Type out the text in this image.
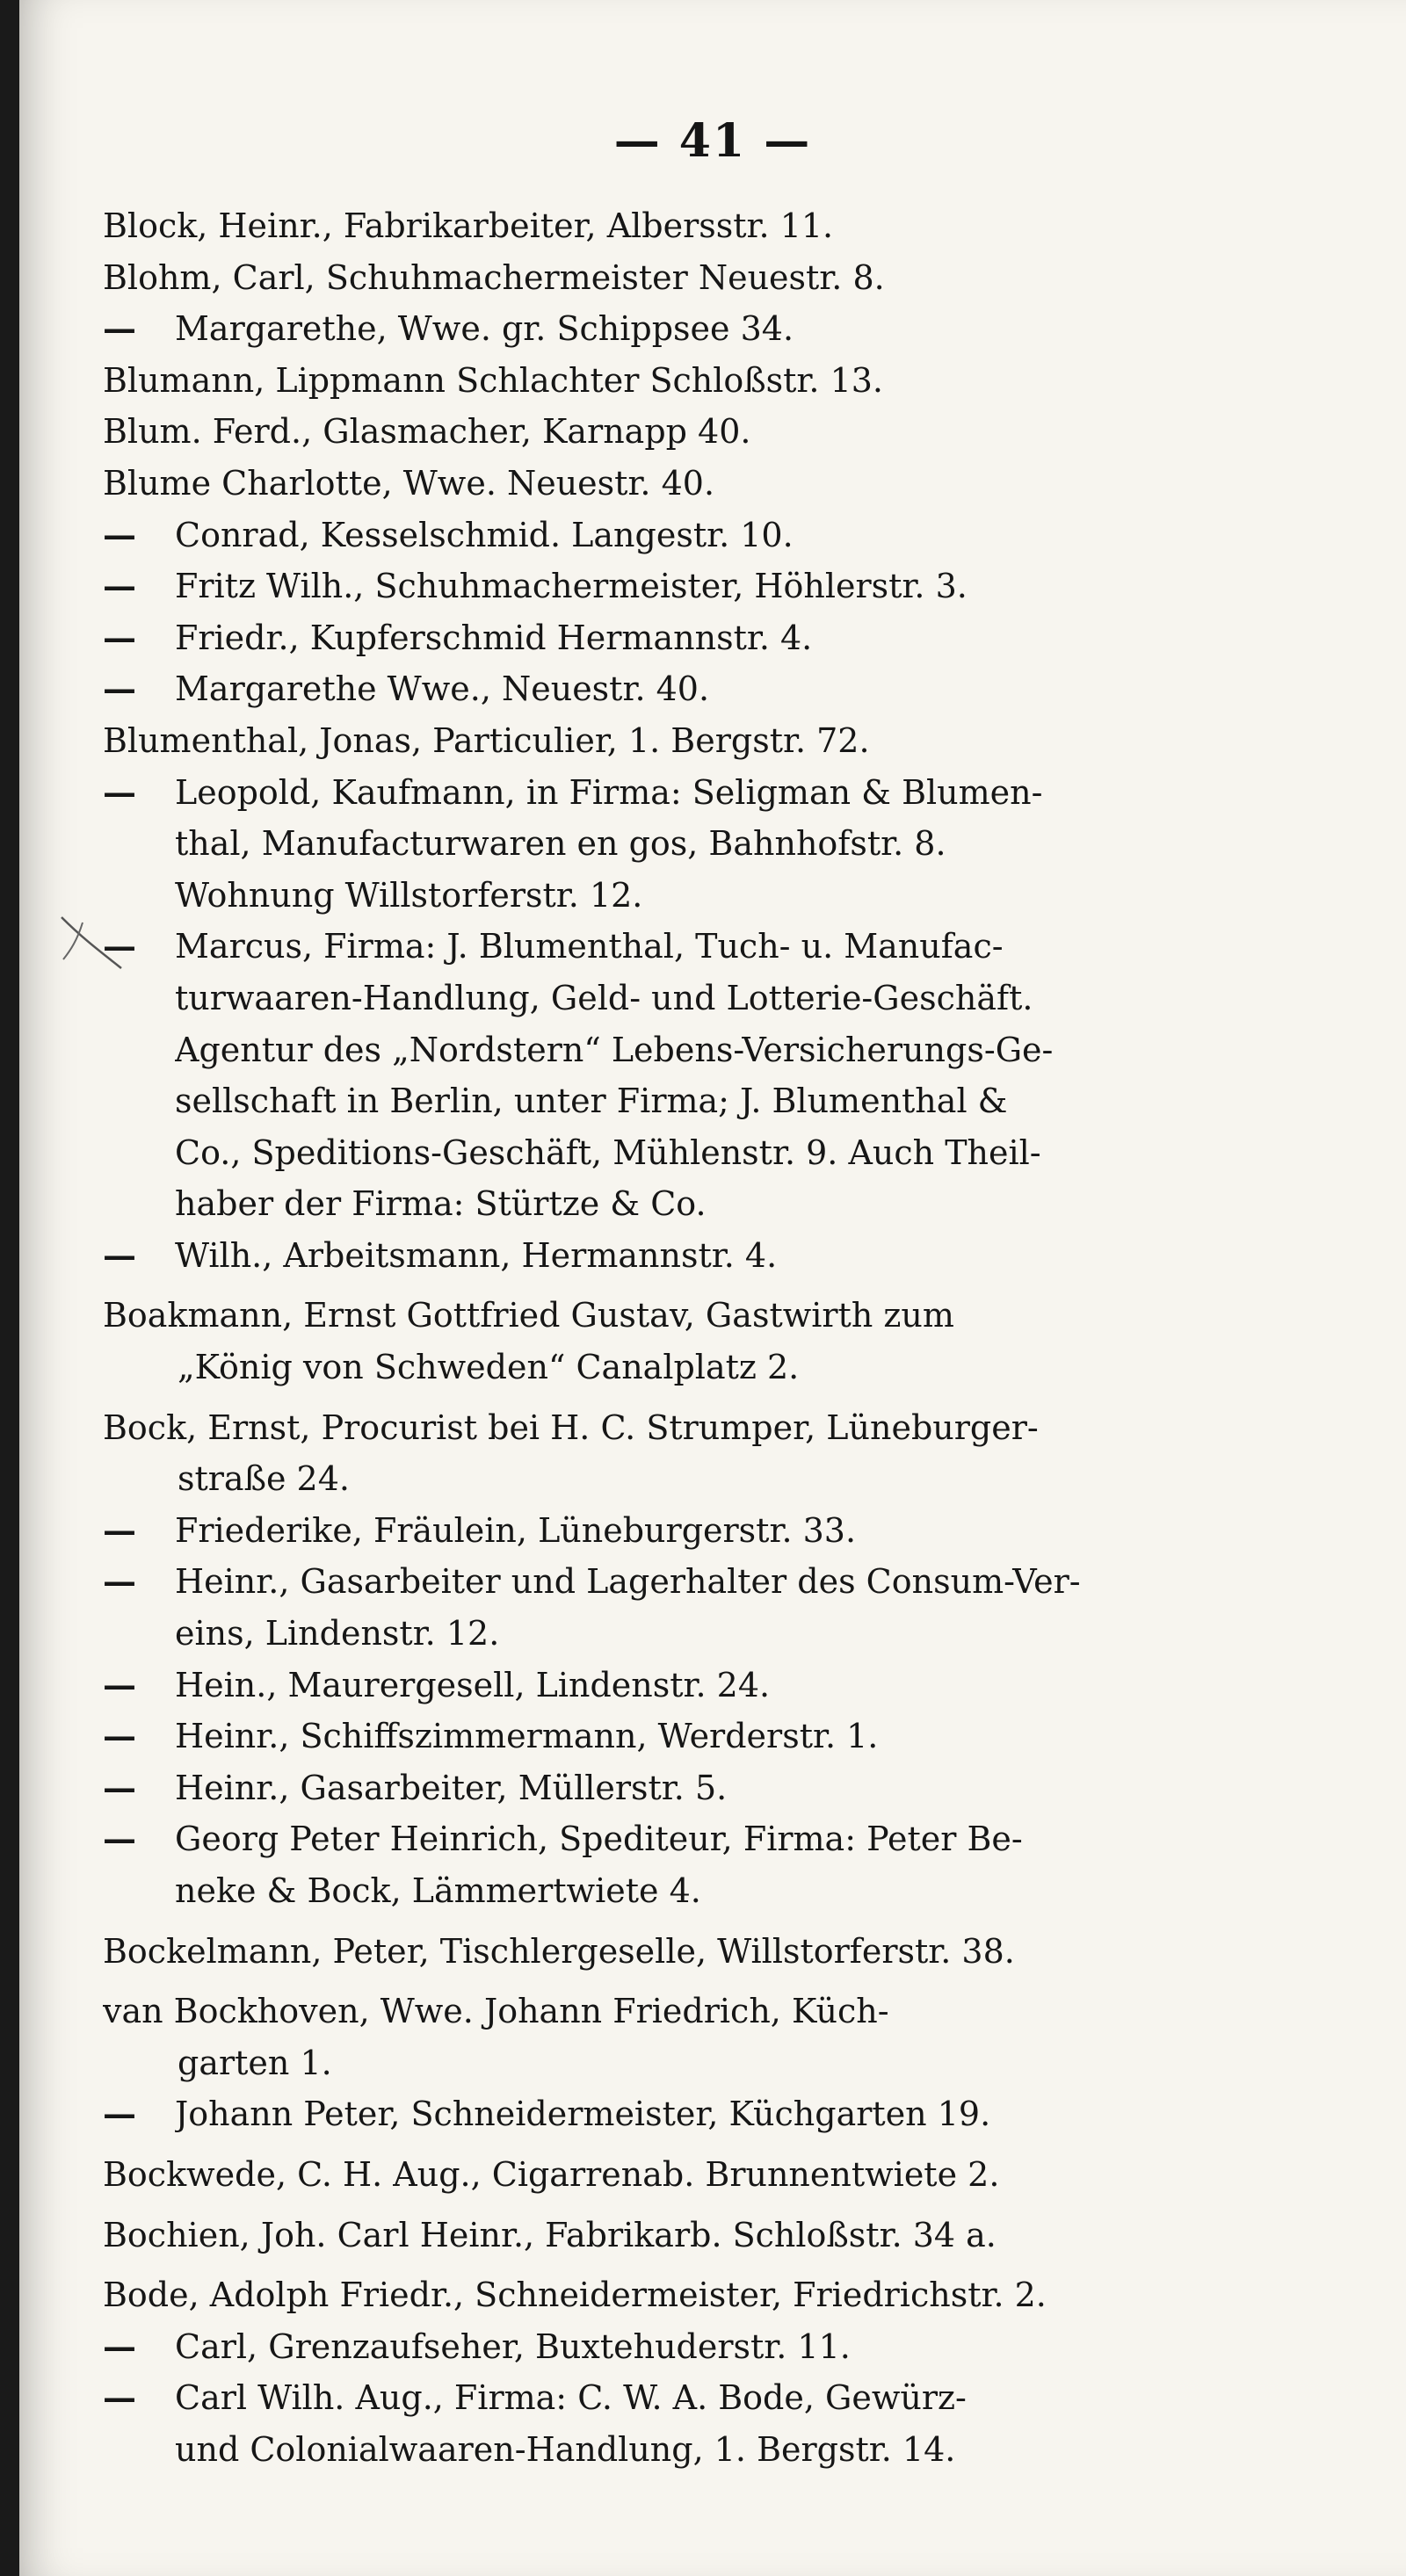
— 41 —
Block, Heinr., Fabrikarbeiter, Albersstr. 11.
Blohm, Carl, Schuhmachermeister Neuestr. 8.
—	Margarethe, Wwe. gr. Schippsee 34.
Blumann, Lippmann Schlachter Schloßstr. 13.
Blum. Ferd., Glasmacher, Karnapp 40.
Blume Charlotte, Wwe. Neuestr. 40.
—	Conrad, Kesselschmid. Langestr. 10.
—	Fritz Wilh., Schuhmachermeister, Höhlerstr. 3.
—	Friedr., Kupferschmid Hermannstr. 4.
—	Margarethe Wwe., Neuestr. 40.
Blumenthal, Jonas, Particulier, 1. Bergstr. 72.
—	Leopold, Kaufmann, in Firma: Seligman & Blumen-
thal, Manufacturwaren en gos, Bahnhofstr. 8.
Wohnung Willstorferstr. 12.
—	Marcus, Firma: J. Blumenthal, Tuch- u. Manufac-
turwaaren-Handlung, Geld- und Lotterie-Geschäft.
Agentur des „Nordstern“ Lebens-Versicherungs-Ge-
sellschaft in Berlin, unter Firma; J. Blumenthal &
Co., Speditions-Geschäft, Mühlenstr. 9. Auch Theil-
haber der Firma: Stürtze & Co.
—	Wilh., Arbeitsmann, Hermannstr. 4.
Boakmann, Ernst Gottfried Gustav, Gastwirth zum
„König von Schweden“ Canalplatz 2.
Bock, Ernst, Procurist bei H. C. Strumper, Lüneburger-
straße 24.
—	Friederike, Fräulein, Lüneburgerstr. 33.
—	Heinr., Gasarbeiter und Lagerhalter des Consum-Ver-
eins, Lindenstr. 12.
—	Hein., Maurergesell, Lindenstr. 24.
—	Heinr., Schiffszimmermann, Werderstr. 1.
—	Heinr., Gasarbeiter, Müllerstr. 5.
—	Georg Peter Heinrich, Spediteur, Firma: Peter Be-
neke & Bock, Lämmertwiete 4.
Bockelmann, Peter, Tischlergeselle, Willstorferstr. 38.
van Bockhoven, Wwe. Johann Friedrich, Küch-
garten 1.
—	Johann Peter, Schneidermeister, Küchgarten 19.
Bockwede, C. H. Aug., Cigarrenab. Brunnentwiete 2.
Bochien, Joh. Carl Heinr., Fabrikarb. Schloßstr. 34 a.
Bode, Adolph Friedr., Schneidermeister, Friedrichstr. 2.
—	Carl, Grenzaufseher, Buxtehuderstr. 11.
—	Carl Wilh. Aug., Firma: C. W. A. Bode, Gewürz-
und Colonialwaaren-Handlung, 1. Bergstr. 14.
